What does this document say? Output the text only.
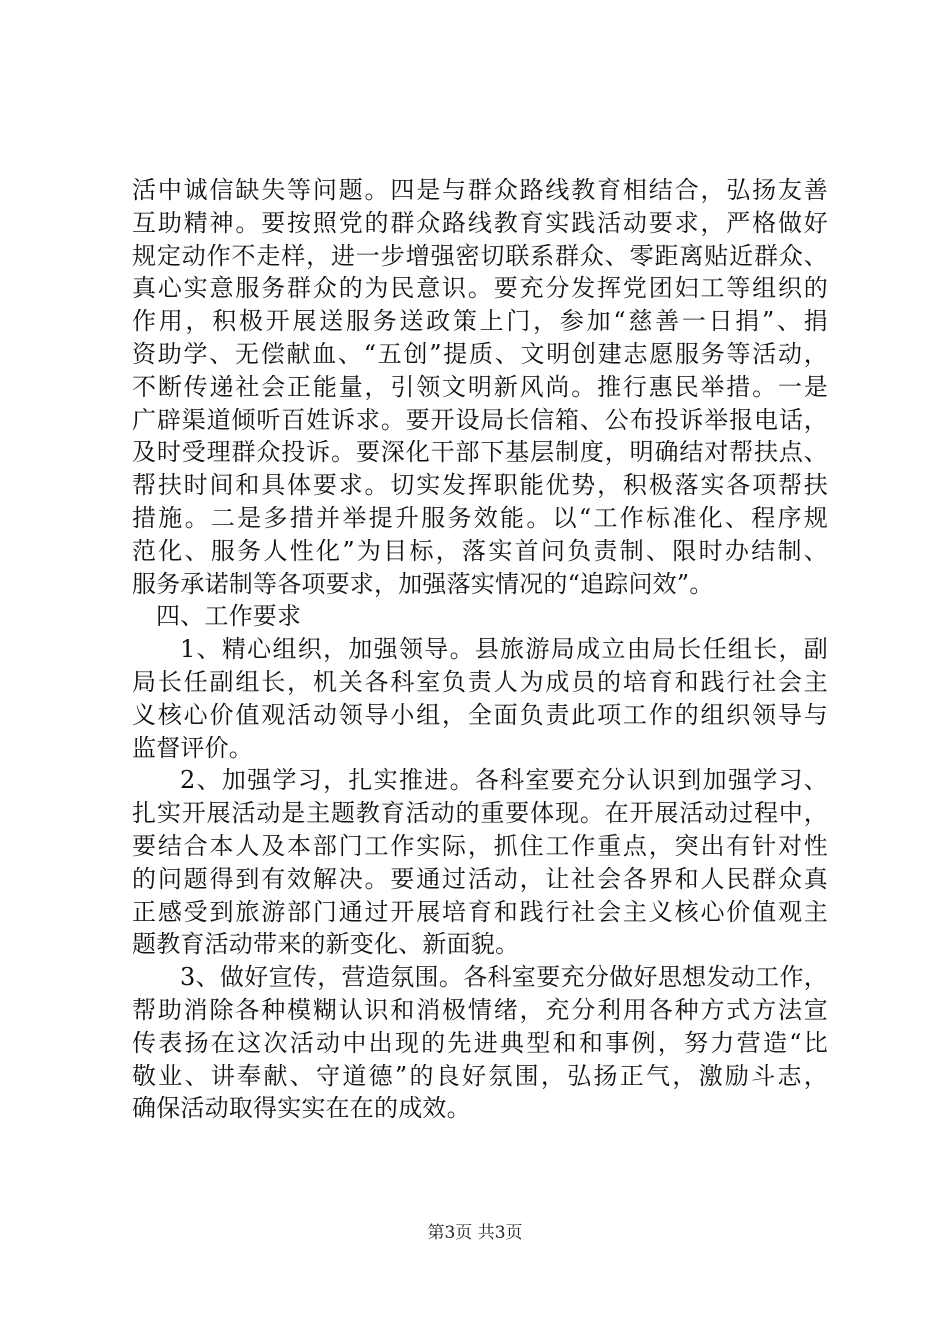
活中诚信缺失等问题。四是与群众路线教育相结合，弘扬友善
互助精神。要按照党的群众路线教育实践活动要求，严格做好
规定动作不走样，进一步增强密切联系群众、零距离贴近群众、
真心实意服务群众的为民意识。要充分发挥党团妇工等组织的
作用，积极开展送服务送政策上门，参加“慈善一日捐”、捐
资助学、无偿献血、“五创”提质、文明创建志愿服务等活动，
不断传递社会正能量，引领文明新风尚。推行惠民举措。一是
广辟渠道倾听百姓诉求。要开设局长信箱、公布投诉举报电话，
及时受理群众投诉。要深化干部下基层制度，明确结对帮扶点、
帮扶时间和具体要求。切实发挥职能优势，积极落实各项帮扶
措施。二是多措并举提升服务效能。以“工作标准化、程序规
范化、服务人性化”为目标，落实首问负责制、限时办结制、
服务承诺制等各项要求，加强落实情况的“追踪问效”。
四、工作要求
1、精心组织，加强领导。县旅游局成立由局长任组长，副
局长任副组长，机关各科室负责人为成员的培育和践行社会主
义核心价值观活动领导小组，全面负责此项工作的组织领导与
监督评价。
2、加强学习，扎实推进。各科室要充分认识到加强学习、
扎实开展活动是主题教育活动的重要体现。在开展活动过程中，
要结合本人及本部门工作实际，抓住工作重点，突出有针对性
的问题得到有效解决。要通过活动，让社会各界和人民群众真
正感受到旅游部门通过开展培育和践行社会主义核心价值观主
题教育活动带来的新变化、新面貌。
3、做好宣传，营造氛围。各科室要充分做好思想发动工作，
帮助消除各种模糊认识和消极情绪，充分利用各种方式方法宣
传表扬在这次活动中出现的先进典型和和事例，努力营造“比
敬业、讲奉献、守道德”的良好氛围，弘扬正气，激励斗志，
确保活动取得实实在在的成效。
第3页 共3页
